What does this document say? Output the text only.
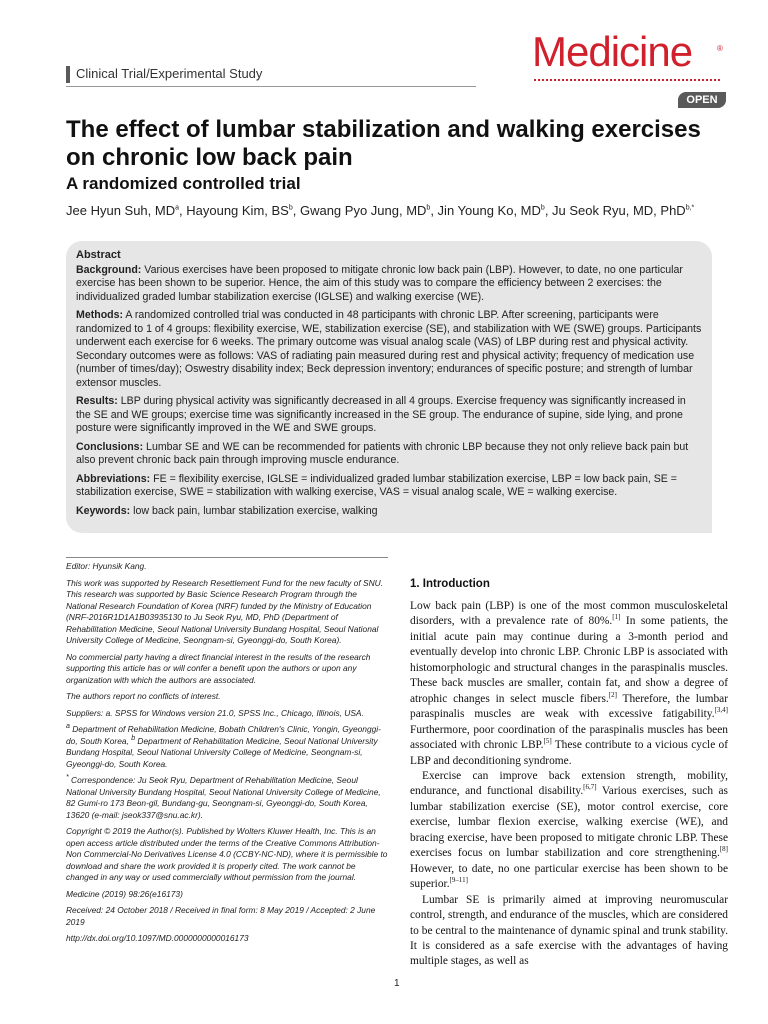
Clinical Trial/Experimental Study	Medicine	®
OPEN
The effect of lumbar stabilization and walking exercises on chronic low back pain
A randomized controlled trial
Jee Hyun Suh, $MD^a$, Hayoung Kim, $BS^b$, Gwang Pyo Jung, $MD^b$, Jin Young Ko, $MD^b$, Ju Seok Ryu, MD, PhD$^{b,*}$

Abstract

Background: Various exercises have been proposed to mitigate chronic low back pain (LBP). However, to date, no one particular exercise has been shown to be superior. Hence, the aim of this study was to compare the efficiency between 2 exercises: the individualized graded lumbar stabilization exercise (IGLSE) and walking exercise (WE).

Methods: A randomized controlled trial was conducted in 48 participants with chronic LBP. After screening, participants were randomized to 1 of 4 groups: flexibility exercise, WE, stabilization exercise (SE), and stabilization with WE (SWE) groups. Participants underwent each exercise for 6 weeks. The primary outcome was visual analog scale (VAS) of LBP during rest and physical activity. Secondary outcomes were as follows: VAS of radiating pain measured during rest and physical activity; frequency of medication use (number of times/day); Oswestry disability index; Beck depression inventory; endurances of specific posture; and strength of lumbar extensor muscles.

Results: LBP during physical activity was significantly decreased in all 4 groups. Exercise frequency was significantly increased in the SE and WE groups; exercise time was significantly increased in the SE group. The endurance of supine, side lying, and prone posture were significantly improved in the WE and SWE groups.

Conclusions: Lumbar SE and WE can be recommended for patients with chronic LBP because they not only relieve back pain but also prevent chronic back pain through improving muscle endurance.

Abbreviations: FE = flexibility exercise, IGLSE = individualized graded lumbar stabilization exercise, LBP = low back pain, SE = stabilization exercise, SWE = stabilization with walking exercise, VAS = visual analog scale, WE = walking exercise.

Keywords: low back pain, lumbar stabilization exercise, walking

Editor: Hyunsik Kang.

This work was supported by Research Resettlement Fund for the new faculty of SNU. This research was supported by Basic Science Research Program through the National Research Foundation of Korea (NRF) funded by the Ministry of Education (NRF-2016R1D1A1B03935130 to Ju Seok Ryu, MD, PhD (Department of Rehabilitation Medicine, Seoul National University Bundang Hospital, Seoul National University College of Medicine, Seongnam-si, Gyeonggi-do, South Korea).

No commercial party having a direct financial interest in the results of the research supporting this article has or will confer a benefit upon the authors or upon any organization with which the authors are associated.

The authors report no conflicts of interest.

Suppliers: a. SPSS for Windows version 21.0, SPSS Inc., Chicago, Illinois, USA.

$^a$ Department of Rehabilitation Medicine, Bobath Children's Clinic, Yongin, Gyeonggi-do, South Korea, $^b$ Department of Rehabilitation Medicine, Seoul National University Bundang Hospital, Seoul National University College of Medicine, Seongnam-si, Gyeonggi-do, South Korea.

* Correspondence: Ju Seok Ryu, Department of Rehabilitation Medicine, Seoul National University Bundang Hospital, Seoul National University College of Medicine, 82 Gumi-ro 173 Beon-gil, Bundang-gu, Seongnam-si, Gyeonggi-do, South Korea, 13620 (e-mail: jseok337@snu.ac.kr).

Copyright © 2019 the Author(s). Published by Wolters Kluwer Health, Inc. This is an open access article distributed under the terms of the Creative Commons Attribution-Non Commercial-No Derivatives License 4.0 (CCBY-NC-ND), where it is permissible to download and share the work provided it is properly cited. The work cannot be changed in any way or used commercially without permission from the journal.

Medicine (2019) 98:26(e16173)

Received: 24 October 2018 / Received in final form: 8 May 2019 / Accepted: 2 June 2019

http://dx.doi.org/10.1097/MD.0000000000016173

1. Introduction

Low back pain (LBP) is one of the most common musculoskeletal disorders, with a prevalence rate of 80%.[1] In some patients, the initial acute pain may continue during a 3-month period and eventually develop into chronic LBP. Chronic LBP is associated with histomorphologic and structural changes in the paraspinalis muscles. These back muscles are smaller, contain fat, and show a degree of atrophic changes in select muscle fibers.[2] Therefore, the lumbar paraspinalis muscles are weak with excessive fatigability.[3,4] Furthermore, poor coordination of the paraspinalis muscles has been associated with chronic LBP.[5] These contribute to a vicious cycle of LBP and deconditioning syndrome.

Exercise can improve back extension strength, mobility, endurance, and functional disability.[6,7] Various exercises, such as lumbar stabilization exercise (SE), motor control exercise, core exercise, lumbar flexion exercise, walking exercise (WE), and bracing exercise, have been proposed to mitigate chronic LBP. These exercises focus on lumbar stabilization and core strengthening.[8] However, to date, no one particular exercise has been shown to be superior.[9–11]

Lumbar SE is primarily aimed at improving neuromuscular control, strength, and endurance of the muscles, which are considered to be central to the maintenance of dynamic spinal and trunk stability. It is considered as a safe exercise with the advantages of having multiple stages, as well as

1
